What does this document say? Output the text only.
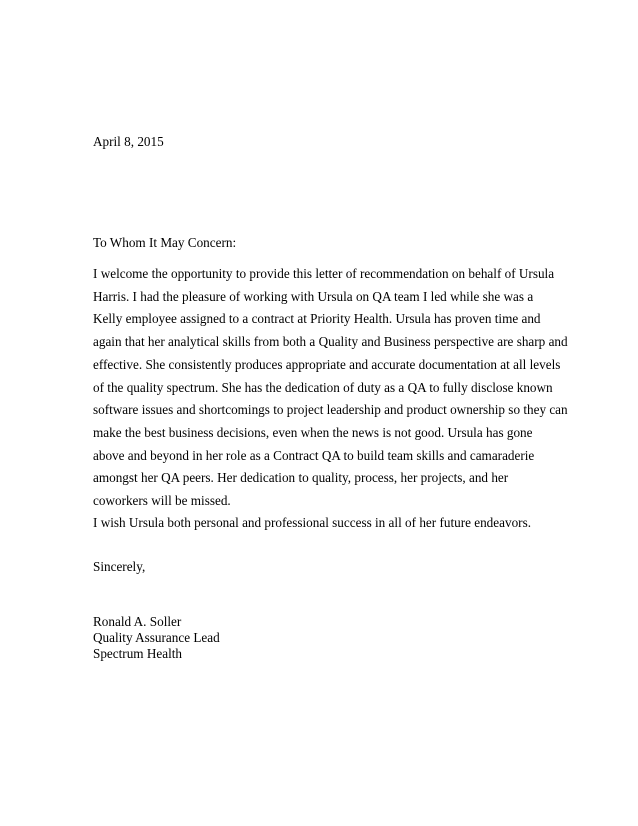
April 8, 2015

To Whom It May Concern:

I welcome the opportunity to provide this letter of recommendation on behalf of Ursula
Harris. I had the pleasure of working with Ursula on QA team I led while she was a
Kelly employee assigned to a contract at Priority Health. Ursula has proven time and
again that her analytical skills from both a Quality and Business perspective are sharp and
effective. She consistently produces appropriate and accurate documentation at all levels
of the quality spectrum. She has the dedication of duty as a QA to fully disclose known
software issues and shortcomings to project leadership and product ownership so they can
make the best business decisions, even when the news is not good. Ursula has gone
above and beyond in her role as a Contract QA to build team skills and camaraderie
amongst her QA peers. Her dedication to quality, process, her projects, and her
coworkers will be missed.

I wish Ursula both personal and professional success in all of her future endeavors.

Sincerely,

Ronald A. Soller
Quality Assurance Lead
Spectrum Health
